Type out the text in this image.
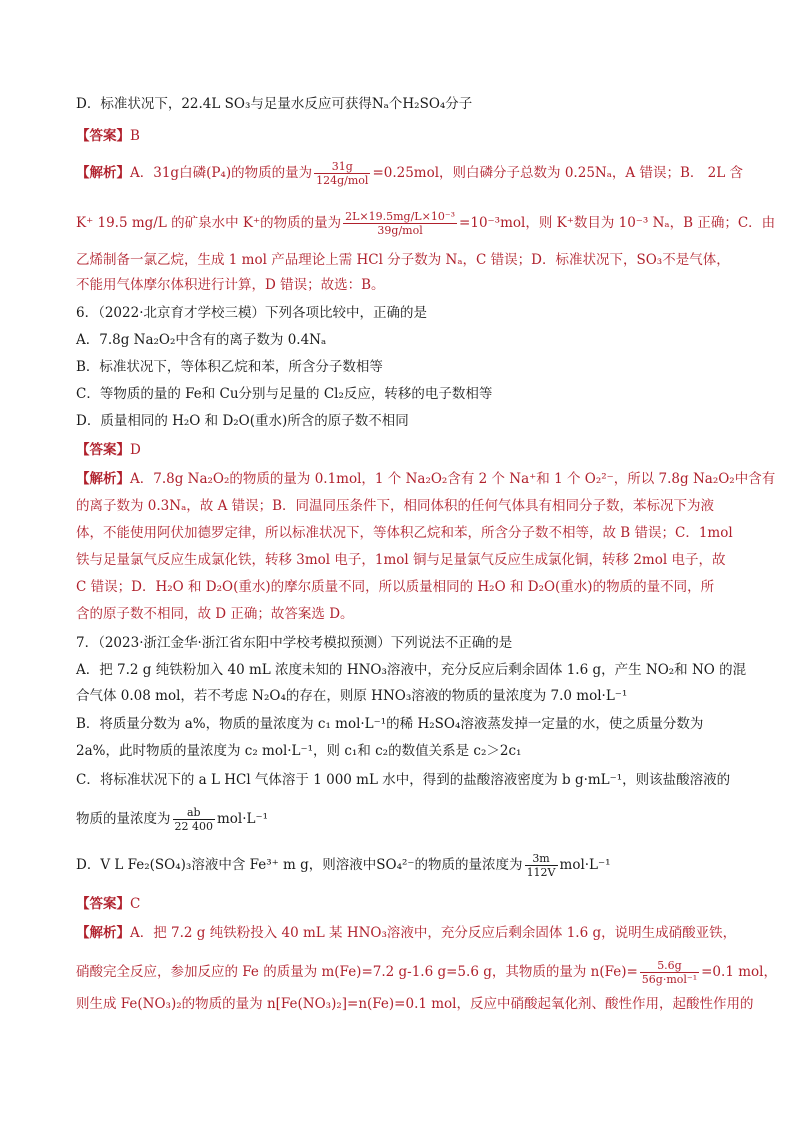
D．标准状况下，22.4L SO₃与足量水反应可获得Nₐ个H₂SO₄分子
【答案】B
【解析】A．31g白磷(P₄)的物质的量为 $\frac{31g}{\text{124g/mol}} =0.25mol$，则白磷分子总数为 0.25Nₐ，A 错误；B． 2L 含
K⁺ 19.5 mg/L 的矿泉水中 K⁺的物质的量为 $\frac{\text{2L×19.5mg/L×10⁻³}}{\text{39g/mol}} =10^{-3}mol$，则 K⁺数目为 10⁻³ Nₐ，B 正确；C．由
乙烯制备一氯乙烷，生成 1 mol 产品理论上需 HCl 分子数为 Nₐ，C 错误；D．标准状况下，SO₃不是气体，
不能用气体摩尔体积进行计算，D 错误；故选：B。
6．（2022·北京育才学校三模）下列各项比较中，正确的是
A．7.8g Na₂O₂中含有的离子数为 0.4Nₐ
B．标准状况下，等体积乙烷和苯，所含分子数相等
C．等物质的量的 Fe和 Cu分别与足量的 Cl₂反应，转移的电子数相等
D．质量相同的 H₂O 和 D₂O(重水)所含的原子数不相同
【答案】D
【解析】A．7.8g Na₂O₂的物质的量为 0.1mol，1 个 Na₂O₂含有 2 个 Na⁺和 1 个 O₂²⁻，所以 7.8g Na₂O₂中含有
的离子数为 0.3Nₐ，故 A 错误；B．同温同压条件下，相同体积的任何气体具有相同分子数，苯标况下为液
体，不能使用阿伏加德罗定律，所以标准状况下，等体积乙烷和苯，所含分子数不相等，故 B 错误；C．1mol
铁与足量氯气反应生成氯化铁，转移 3mol 电子，1mol 铜与足量氯气反应生成氯化铜，转移 2mol 电子，故
C 错误；D．H₂O 和 D₂O(重水)的摩尔质量不同，所以质量相同的 H₂O 和 D₂O(重水)的物质的量不同，所
含的原子数不相同，故 D 正确；故答案选 D。
7．（2023·浙江金华·浙江省东阳中学校考模拟预测）下列说法不正确的是
A．把 7.2 g 纯铁粉加入 40 mL 浓度未知的 HNO₃溶液中，充分反应后剩余固体 1.6 g，产生 NO₂和 NO 的混
合气体 0.08 mol，若不考虑 N₂O₄的存在，则原 HNO₃溶液的物质的量浓度为 7.0 mol·L⁻¹
B．将质量分数为 a%，物质的量浓度为 c₁ mol·L⁻¹的稀 H₂SO₄溶液蒸发掉一定量的水，使之质量分数为
2a%，此时物质的量浓度为 c₂ mol·L⁻¹，则 c₁和 c₂的数值关系是 c₂＞2c₁
C．将标准状况下的 a L HCl 气体溶于 1 000 mL 水中，得到的盐酸溶液密度为 b g·mL⁻¹，则该盐酸溶液的
物质的量浓度为 $\frac{ab}{22 400} mol\cdot L^{-1}$
D．V L Fe₂(SO₄)₃溶液中含 Fe³⁺ m g，则溶液中SO₄²⁻的物质的量浓度为 $\frac{3m}{112V} mol\cdot L^{-1}$
【答案】C
【解析】A．把 7.2 g 纯铁粉投入 40 mL 某 HNO₃溶液中，充分反应后剩余固体 1.6 g，说明生成硝酸亚铁，
硝酸完全反应，参加反应的 Fe 的质量为 m(Fe)=7.2 g-1.6 g=5.6 g，其物质的量为 $n(Fe)= \frac{5.6g}{\text{56g·mol⁻¹}} =0.1$ mol，
则生成 Fe(NO₃)₂的物质的量为 n[Fe(NO₃)₂]=n(Fe)=0.1 mol，反应中硝酸起氧化剂、酸性作用，起酸性作用的
